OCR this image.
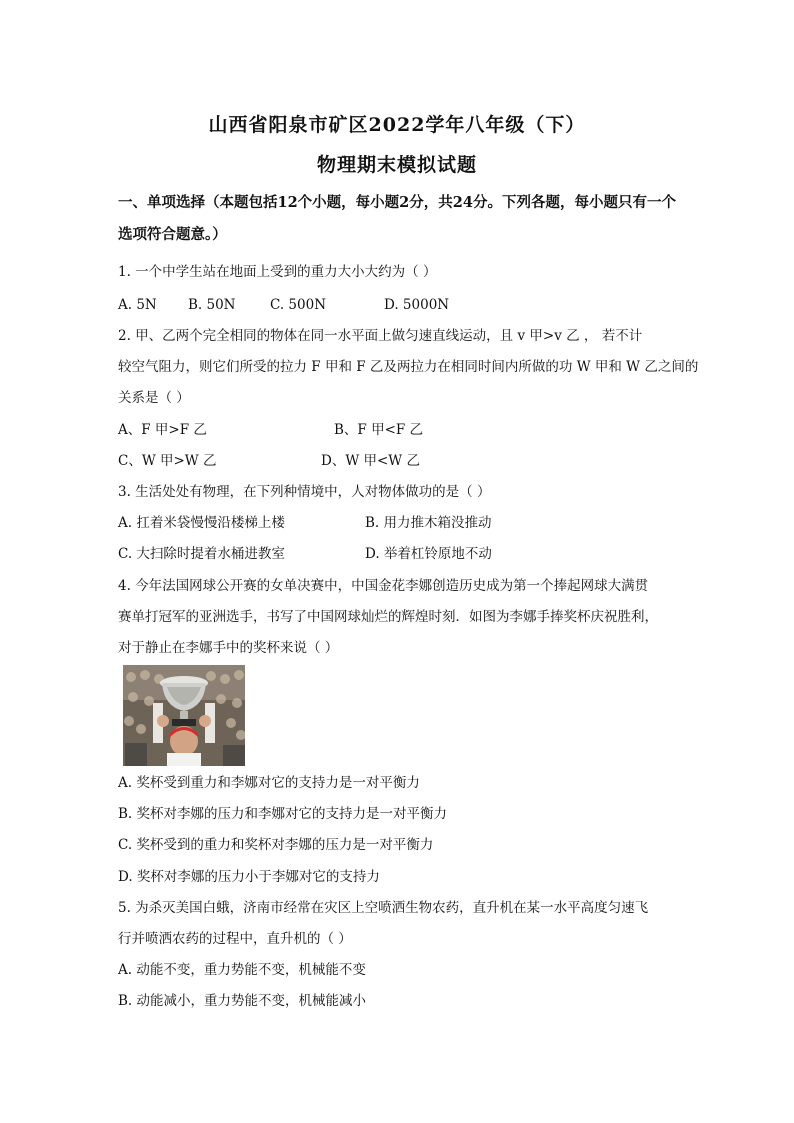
山西省阳泉市矿区2022学年八年级（下）
物理期末模拟试题
一、单项选择（本题包括12个小题，每小题2分，共24分。下列各题，每小题只有一个
选项符合题意。）
1. 一个中学生站在地面上受到的重力大小大约为（ ）
A. 5N B. 50N	C. 500N	D. 5000N
2. 甲、乙两个完全相同的物体在同一水平面上做匀速直线运动，且 v 甲>v 乙 ， 若不计
较空气阻力，则它们所受的拉力 F 甲和 F 乙及两拉力在相同时间内所做的功 W 甲和 W 乙之间的
关系是（ ）
A、F 甲>F 乙	B、F 甲<F 乙
C、W 甲>W 乙	D、W 甲<W 乙
3. 生活处处有物理，在下列种情境中，人对物体做功的是（ ）
A. 扛着米袋慢慢沿楼梯上楼	B. 用力推木箱没推动
C. 大扫除时提着水桶进教室	D. 举着杠铃原地不动
4. 今年法国网球公开赛的女单决赛中，中国金花李娜创造历史成为第一个捧起网球大满贯
赛单打冠军的亚洲选手，书写了中国网球灿烂的辉煌时刻．如图为李娜手捧奖杯庆祝胜利，
对于静止在李娜手中的奖杯来说（ ）
A. 奖杯受到重力和李娜对它的支持力是一对平衡力
B. 奖杯对李娜的压力和李娜对它的支持力是一对平衡力
C. 奖杯受到的重力和奖杯对李娜的压力是一对平衡力
D. 奖杯对李娜的压力小于李娜对它的支持力
5. 为杀灭美国白蛾，济南市经常在灾区上空喷洒生物农药，直升机在某一水平高度匀速飞
行并喷洒农药的过程中，直升机的（ ）
A. 动能不变，重力势能不变，机械能不变
B. 动能减小，重力势能不变，机械能减小
